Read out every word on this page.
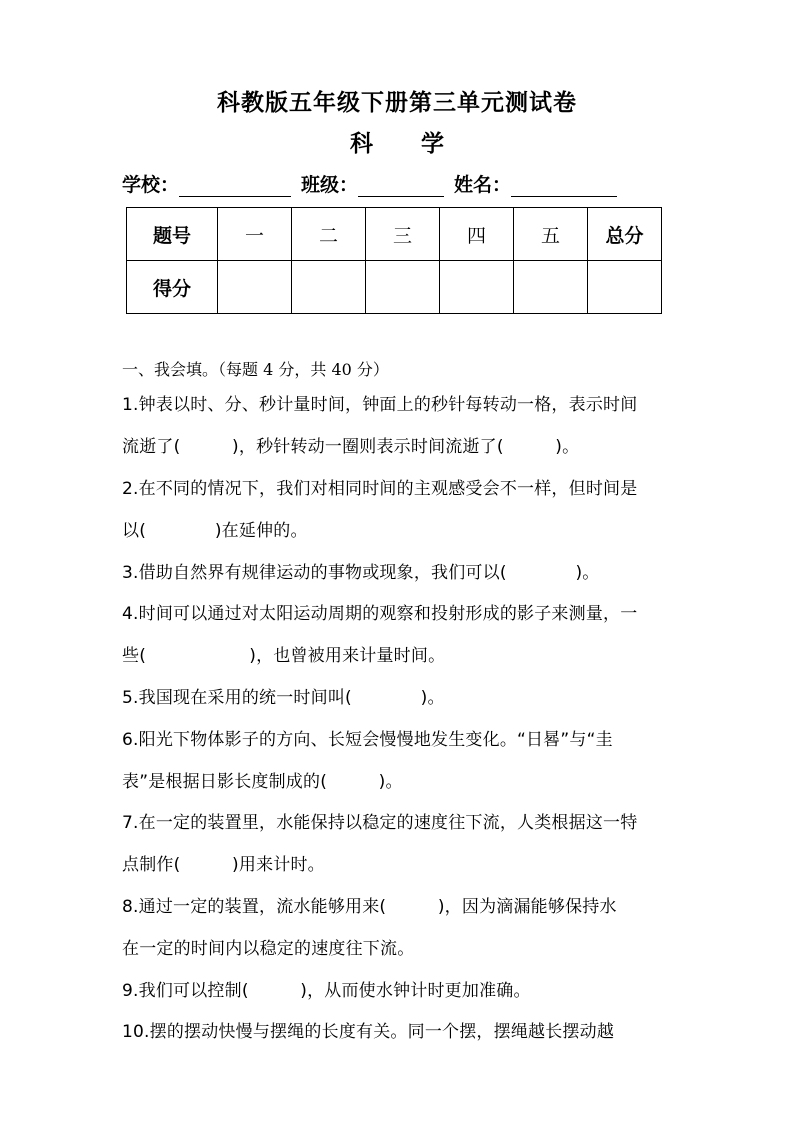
科教版五年级下册第三单元测试卷
科 学
学校：	班级：	姓名：
题号	一	二	三	四	五	总分
得分						
一、我会填。（每题 4 分，共 40 分）
1.钟表以时、分、秒计量时间，钟面上的秒针每转动一格，表示时间
流逝了(　　　)，秒针转动一圈则表示时间流逝了(　　　)。
2.在不同的情况下，我们对相同时间的主观感受会不一样，但时间是
以(　　　　)在延伸的。
3.借助自然界有规律运动的事物或现象，我们可以(　　　　)。
4.时间可以通过对太阳运动周期的观察和投射形成的影子来测量，一
些(　　　　　　)，也曾被用来计量时间。
5.我国现在采用的统一时间叫(　　　　)。
6.阳光下物体影子的方向、长短会慢慢地发生变化。“日晷”与“圭
表”是根据日影长度制成的(　　　)。
7.在一定的装置里，水能保持以稳定的速度往下流，人类根据这一特
点制作(　　　)用来计时。
8.通过一定的装置，流水能够用来(　　　)，因为滴漏能够保持水
在一定的时间内以稳定的速度往下流。
9.我们可以控制(　　　)，从而使水钟计时更加准确。
10.摆的摆动快慢与摆绳的长度有关。同一个摆，摆绳越长摆动越
